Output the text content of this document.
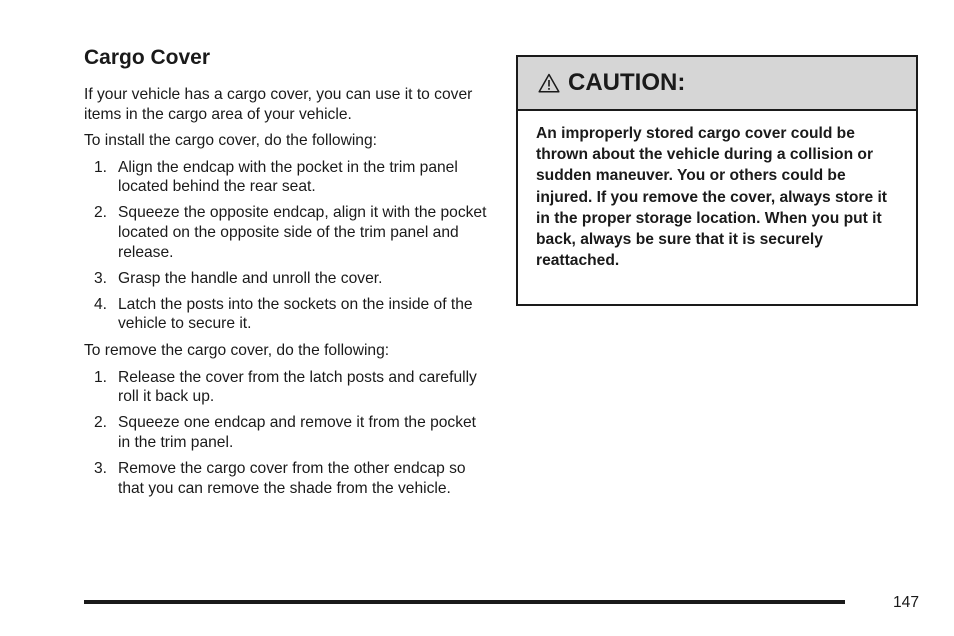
Cargo Cover

If your vehicle has a cargo cover, you can use it to cover items in the cargo area of your vehicle.

To install the cargo cover, do the following:

1. Align the endcap with the pocket in the trim panel located behind the rear seat.
2. Squeeze the opposite endcap, align it with the pocket located on the opposite side of the trim panel and release.
3. Grasp the handle and unroll the cover.
4. Latch the posts into the sockets on the inside of the vehicle to secure it.

To remove the cargo cover, do the following:

1. Release the cover from the latch posts and carefully roll it back up.
2. Squeeze one endcap and remove it from the pocket in the trim panel.
3. Remove the cargo cover from the other endcap so that you can remove the shade from the vehicle.
CAUTION:
An improperly stored cargo cover could be thrown about the vehicle during a collision or sudden maneuver. You or others could be injured. If you remove the cover, always store it in the proper storage location. When you put it back, always be sure that it is securely reattached.
147
